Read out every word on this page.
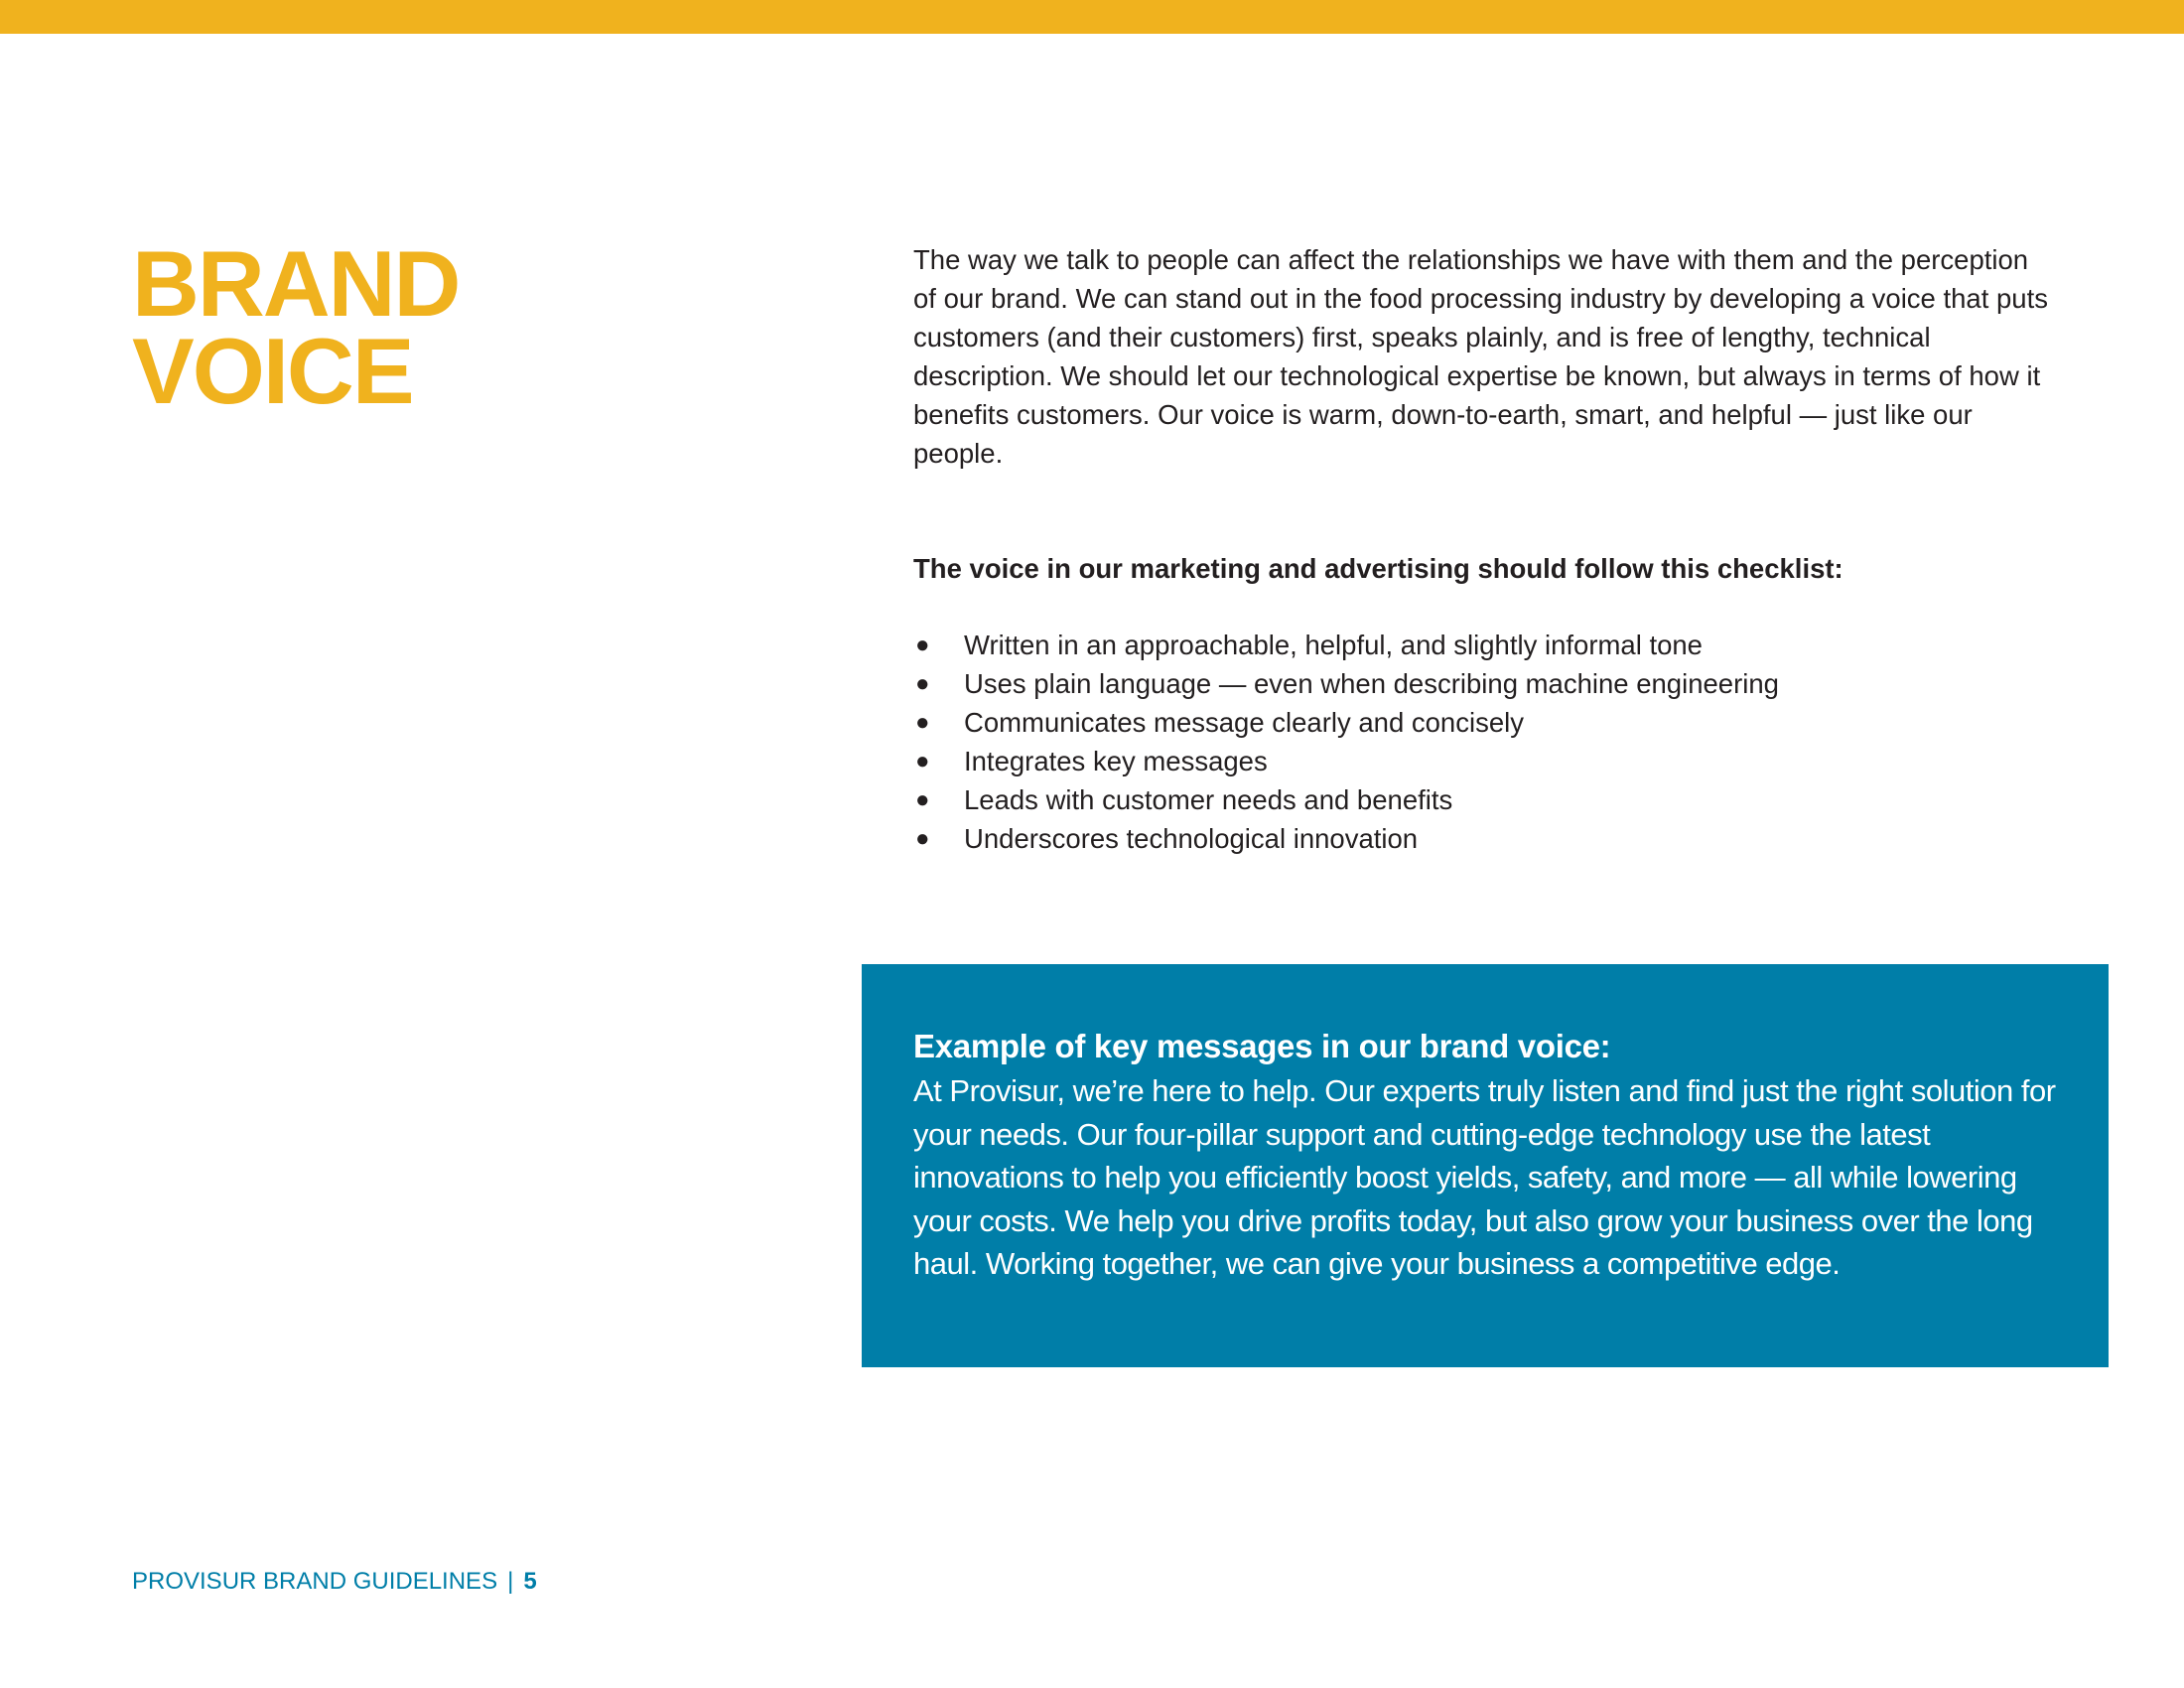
BRAND
VOICE

The way we talk to people can affect the relationships we have with them and the perception of our brand. We can stand out in the food processing industry by developing a voice that puts customers (and their customers) first, speaks plainly, and is free of lengthy, technical description. We should let our technological expertise be known, but always in terms of how it benefits customers. Our voice is warm, down-to-earth, smart, and helpful — just like our people.

The voice in our marketing and advertising should follow this checklist:

● Written in an approachable, helpful, and slightly informal tone
● Uses plain language — even when describing machine engineering
● Communicates message clearly and concisely
● Integrates key messages
● Leads with customer needs and benefits
● Underscores technological innovation
Example of key messages in our brand voice:

At Provisur, we’re here to help. Our experts truly listen and find just the right solution for your needs. Our four-pillar support and cutting-edge technology use the latest innovations to help you efficiently boost yields, safety, and more — all while lowering your costs. We help you drive profits today, but also grow your business over the long haul. Working together, we can give your business a competitive edge.

PROVISUR BRAND GUIDELINES | 5
